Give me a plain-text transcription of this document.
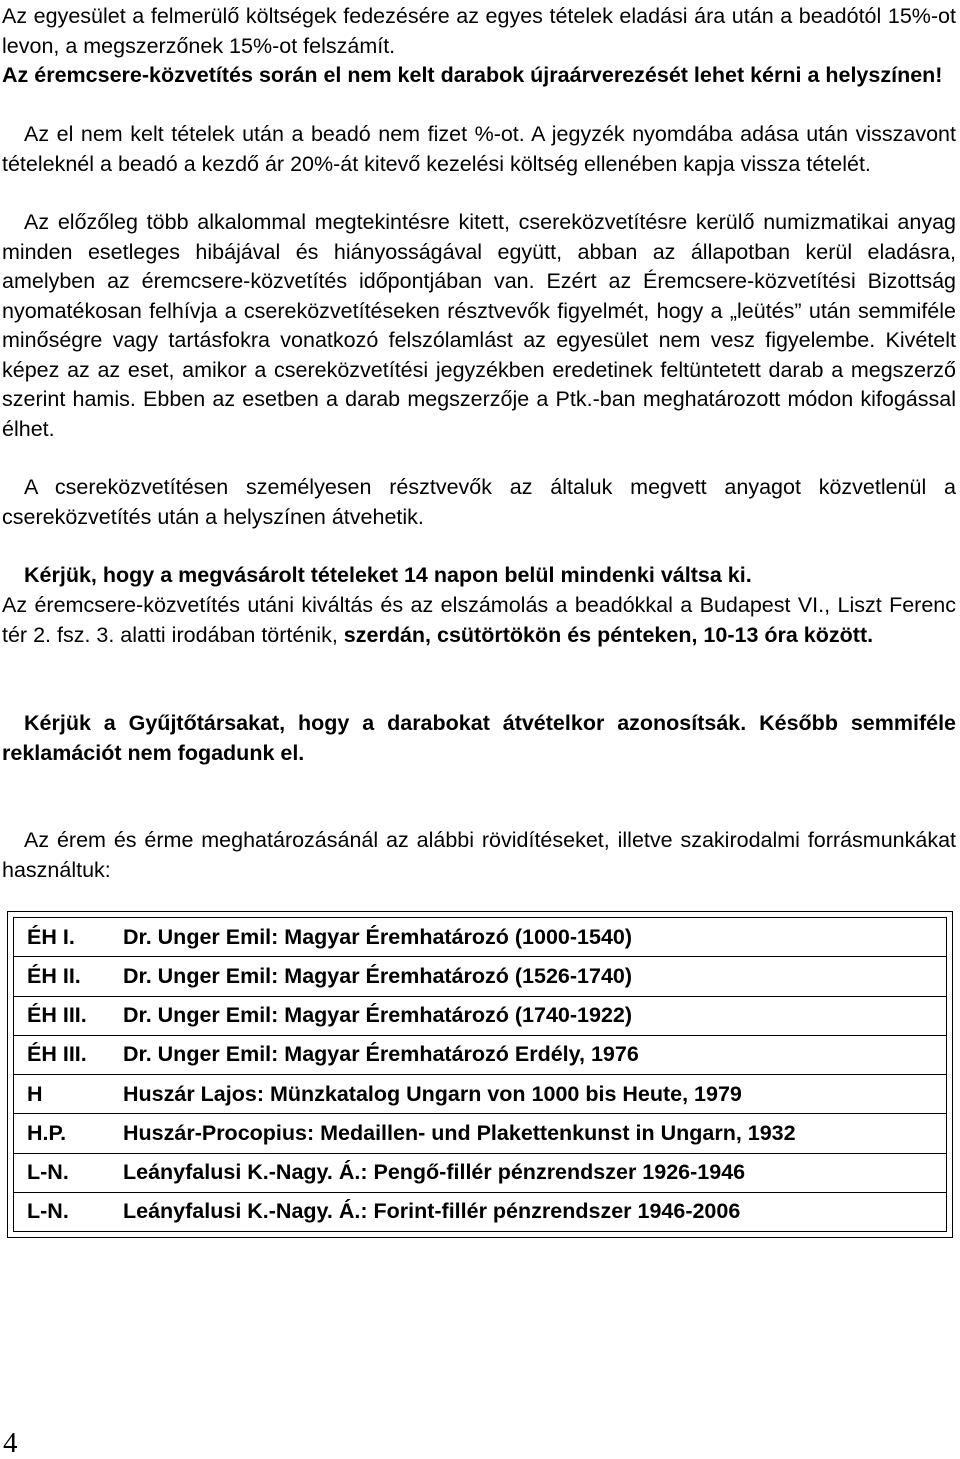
Az egyesület a felmerülő költségek fedezésére az egyes tételek eladási ára után a beadótól 15%-ot levon, a megszerzőnek 15%-ot felszámít.

Az éremcsere-közvetítés során el nem kelt darabok újraárverezését lehet kérni a helyszínen!

Az el nem kelt tételek után a beadó nem fizet %-ot. A jegyzék nyomdába adása után visszavont tételeknél a beadó a kezdő ár 20%-át kitevő kezelési költség ellenében kapja vissza tételét.

Az előzőleg több alkalommal megtekintésre kitett, csereközvetítésre kerülő numizmatikai anyag minden esetleges hibájával és hiányosságával együtt, abban az állapotban kerül eladásra, amelyben az éremcsere-közvetítés időpontjában van. Ezért az Éremcsere-közvetítési Bizottság nyomatékosan felhívja a csereközvetítéseken résztvevők figyelmét, hogy a „leütés” után semmiféle minőségre vagy tartásfokra vonatkozó felszólamlást az egyesület nem vesz figyelembe. Kivételt képez az az eset, amikor a csereközvetítési jegyzékben eredetinek feltüntetett darab a megszerző szerint hamis. Ebben az esetben a darab megszerzője a Ptk.-ban meghatározott módon kifogással élhet.

A csereközvetítésen személyesen résztvevők az általuk megvett anyagot közvetlenül a csereközvetítés után a helyszínen átvehetik.

Kérjük, hogy a megvásárolt tételeket 14 napon belül mindenki váltsa ki.

Az éremcsere-közvetítés utáni kiváltás és az elszámolás a beadókkal a Budapest VI., Liszt Ferenc tér 2. fsz. 3. alatti irodában történik, szerdán, csütörtökön és pénteken, 10-13 óra között.

Kérjük a Gyűjtőtársakat, hogy a darabokat átvételkor azonosítsák. Később semmiféle reklamációt nem fogadunk el.

Az érem és érme meghatározásánál az alábbi rövidítéseket, illetve szakirodalmi forrásmunkákat használtuk:

ÉH I.	Dr. Unger Emil: Magyar Éremhatározó (1000-1540)
ÉH II.	Dr. Unger Emil: Magyar Éremhatározó (1526-1740)
ÉH III.	Dr. Unger Emil: Magyar Éremhatározó (1740-1922)
ÉH III.	Dr. Unger Emil: Magyar Éremhatározó Erdély, 1976
H	Huszár Lajos: Münzkatalog Ungarn von 1000 bis Heute, 1979
H.P.	Huszár-Procopius: Medaillen- und Plakettenkunst in Ungarn, 1932
L-N.	Leányfalusi K.-Nagy. Á.: Pengő-fillér pénzrendszer 1926-1946
L-N.	Leányfalusi K.-Nagy. Á.: Forint-fillér pénzrendszer 1946-2006
4
